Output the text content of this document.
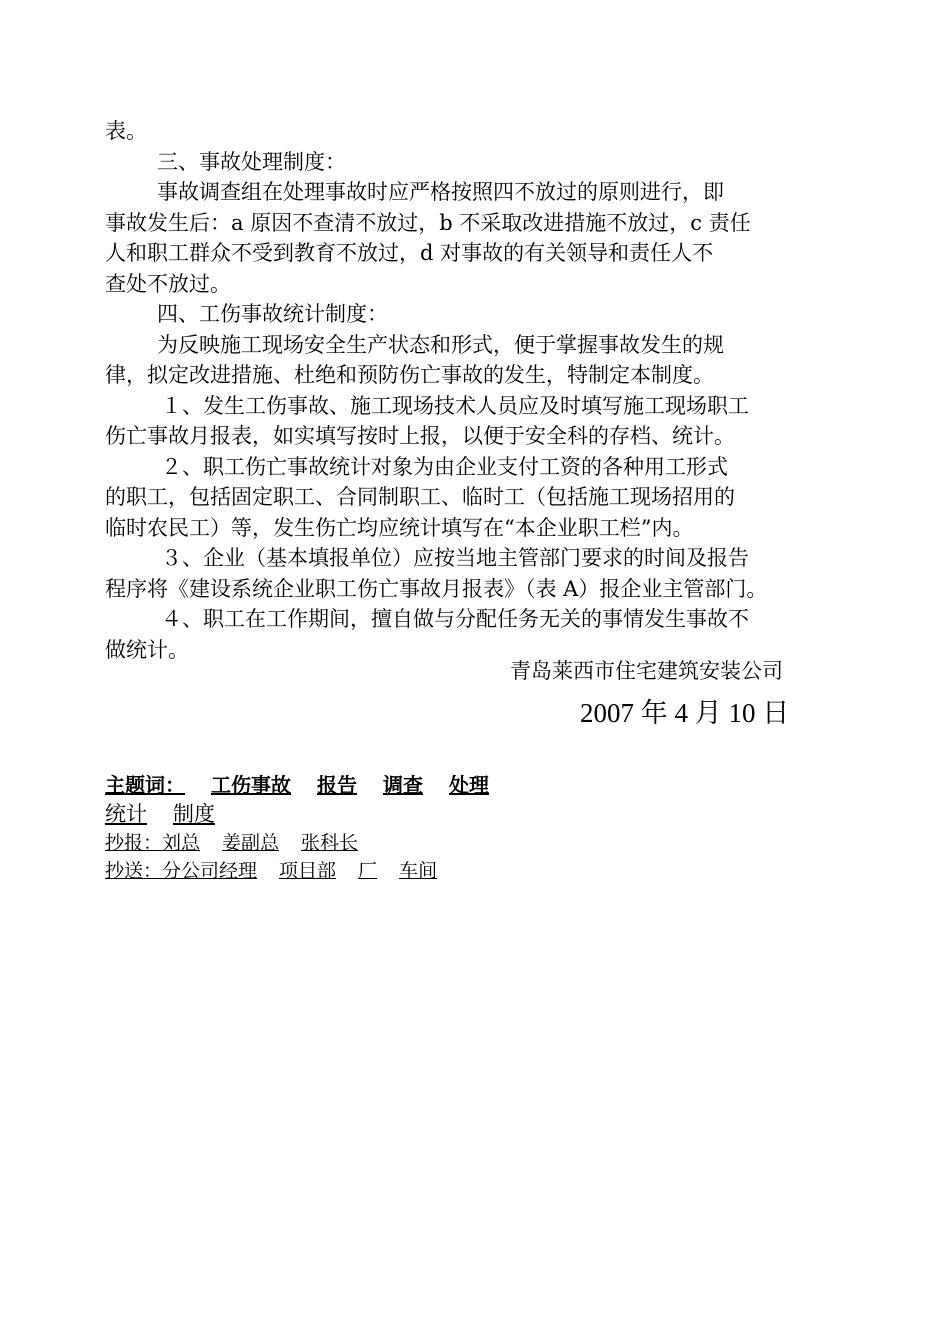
表。

三、事故处理制度：

事故调查组在处理事故时应严格按照四不放过的原则进行，即

事故发生后：a 原因不查清不放过，b 不采取改进措施不放过，c 责任

人和职工群众不受到教育不放过，d 对事故的有关领导和责任人不

查处不放过。

四、工伤事故统计制度：

为反映施工现场安全生产状态和形式，便于掌握事故发生的规

律，拟定改进措施、杜绝和预防伤亡事故的发生，特制定本制度。

１、发生工伤事故、施工现场技术人员应及时填写施工现场职工

伤亡事故月报表，如实填写按时上报，以便于安全科的存档、统计。

２、职工伤亡事故统计对象为由企业支付工资的各种用工形式

的职工，包括固定职工、合同制职工、临时工（包括施工现场招用的

临时农民工）等，发生伤亡均应统计填写在“本企业职工栏”内。

３、企业（基本填报单位）应按当地主管部门要求的时间及报告

程序将《建设系统企业职工伤亡事故月报表》（表 A）报企业主管部门。

４、职工在工作期间，擅自做与分配任务无关的事情发生事故不

做统计。

青岛莱西市住宅建筑安装公司
2007 年 4 月 10 日
主题词： 工伤事故 报告 调查 处理
统计 制度
抄报：刘总 姜副总 张科长
抄送：分公司经理 项目部 厂 车间
